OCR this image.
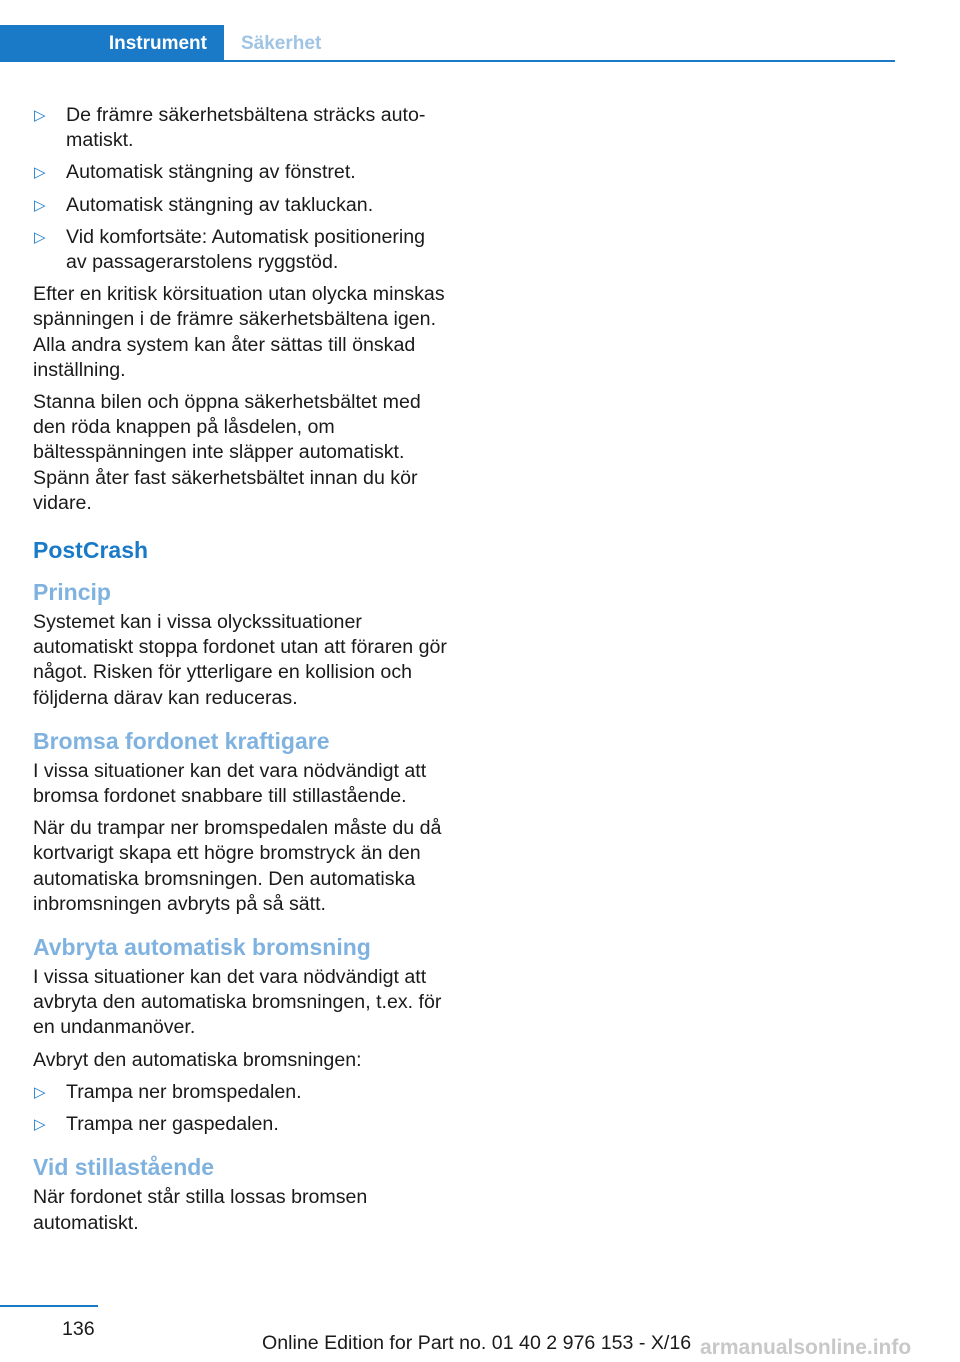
Instrument	Säkerhet
▷ De främre säkerhetsbältena sträcks auto- matiskt.
▷ Automatisk stängning av fönstret.
▷ Automatisk stängning av takluckan.
▷ Vid komfortsäte: Automatisk positionering av passagerarstolens ryggstöd.

Efter en kritisk körsituation utan olycka minskas spänningen i de främre säkerhetsbältena igen. Alla andra system kan åter sättas till önskad inställning.

Stanna bilen och öppna säkerhetsbältet med den röda knappen på låsdelen, om bältesspänningen inte släpper automatiskt. Spänn åter fast säkerhetsbältet innan du kör vidare.

PostCrash
Princip

Systemet kan i vissa olyckssituationer automatiskt stoppa fordonet utan att föraren gör något. Risken för ytterligare en kollision och följderna därav kan reduceras.

Bromsa fordonet kraftigare

I vissa situationer kan det vara nödvändigt att bromsa fordonet snabbare till stillastående.

När du trampar ner bromspedalen måste du då kortvarigt skapa ett högre bromstryck än den automatiska bromsningen. Den automatiska inbromsningen avbryts på så sätt.

Avbryta automatisk bromsning

I vissa situationer kan det vara nödvändigt att avbryta den automatiska bromsningen, t.ex. för en undanmanöver.

Avbryt den automatiska bromsningen:

▷ Trampa ner bromspedalen.
▷ Trampa ner gaspedalen.
Vid stillastående

När fordonet står stilla lossas bromsen automatiskt.

136
Online Edition for Part no. 01 40 2 976 153 - X/16 armanualsonline.info
